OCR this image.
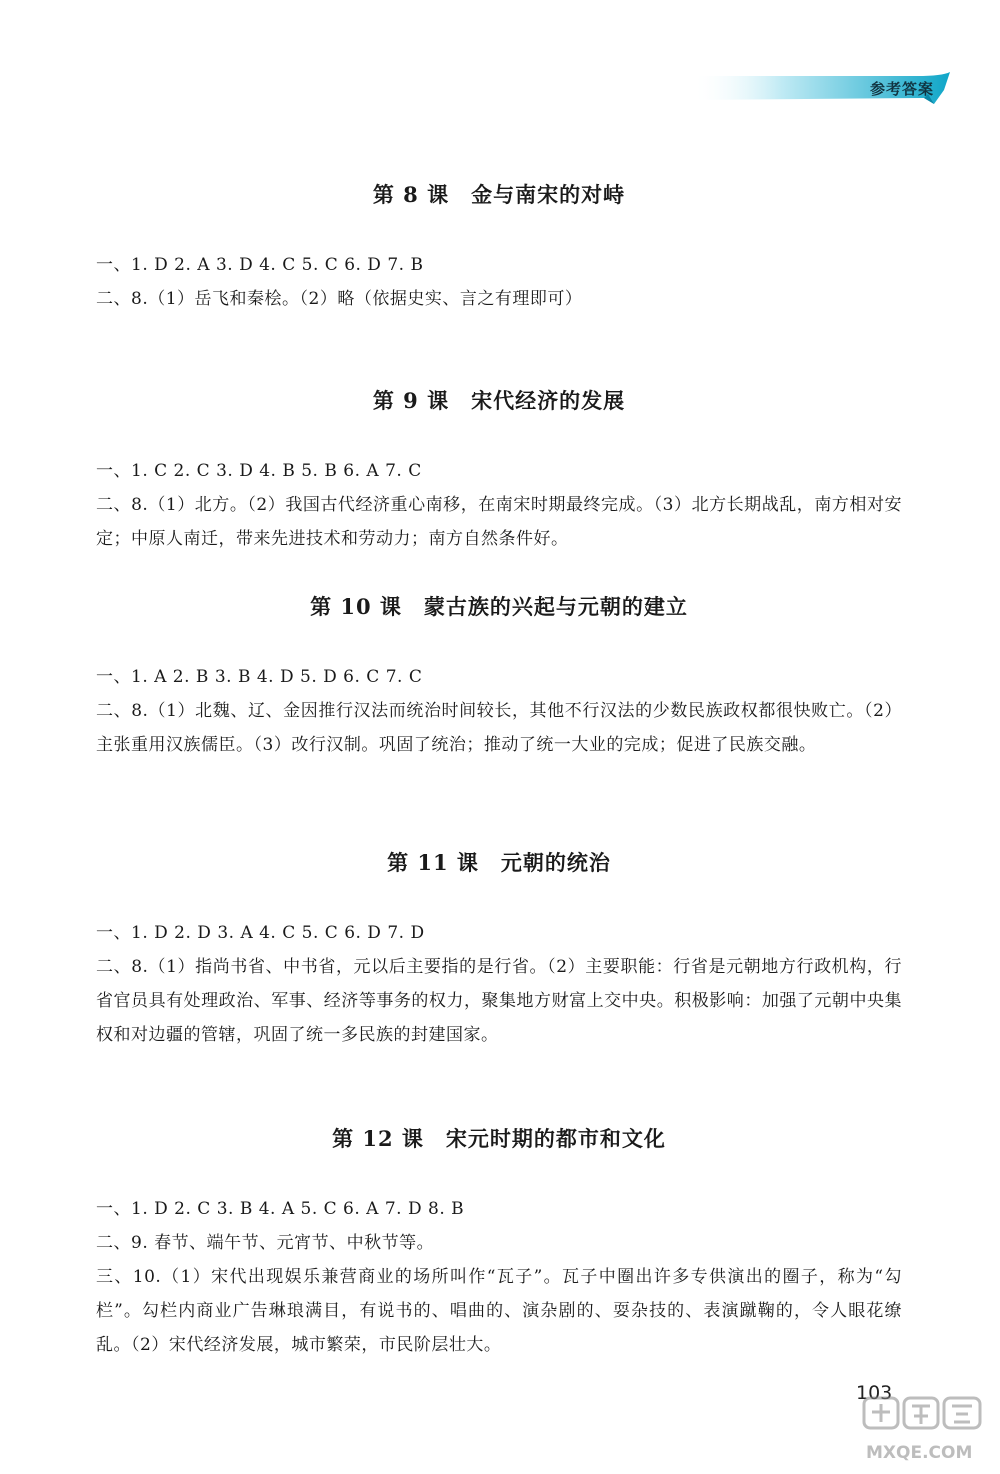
参考答案
第 8 课 金与南宋的对峙

一、1. D 2. A 3. D 4. C 5. C 6. D 7. B

二、8.（1）岳飞和秦桧。（2）略（依据史实、言之有理即可）

第 9 课 宋代经济的发展

一、1. C 2. C 3. D 4. B 5. B 6. A 7. C

二、8.（1）北方。（2）我国古代经济重心南移，在南宋时期最终完成。（3）北方长期战乱，南方相对安定；中原人南迁，带来先进技术和劳动力；南方自然条件好。

第 10 课 蒙古族的兴起与元朝的建立

一、1. A 2. B 3. B 4. D 5. D 6. C 7. C

二、8.（1）北魏、辽、金因推行汉法而统治时间较长，其他不行汉法的少数民族政权都很快败亡。（2）主张重用汉族儒臣。（3）改行汉制。巩固了统治；推动了统一大业的完成；促进了民族交融。

第 11 课 元朝的统治

一、1. D 2. D 3. A 4. C 5. C 6. D 7. D

二、8.（1）指尚书省、中书省，元以后主要指的是行省。（2）主要职能：行省是元朝地方行政机构，行省官员具有处理政治、军事、经济等事务的权力，聚集地方财富上交中央。积极影响：加强了元朝中央集权和对边疆的管辖，巩固了统一多民族的封建国家。

第 12 课 宋元时期的都市和文化

一、1. D 2. C 3. B 4. A 5. C 6. A 7. D 8. B

二、9. 春节、端午节、元宵节、中秋节等。

三、10.（1）宋代出现娱乐兼营商业的场所叫作“瓦子”。瓦子中圈出许多专供演出的圈子，称为“勾栏”。勾栏内商业广告琳琅满目，有说书的、唱曲的、演杂剧的、耍杂技的、表演蹴鞠的，令人眼花缭乱。（2）宋代经济发展，城市繁荣，市民阶层壮大。

103
MXQE.COM
